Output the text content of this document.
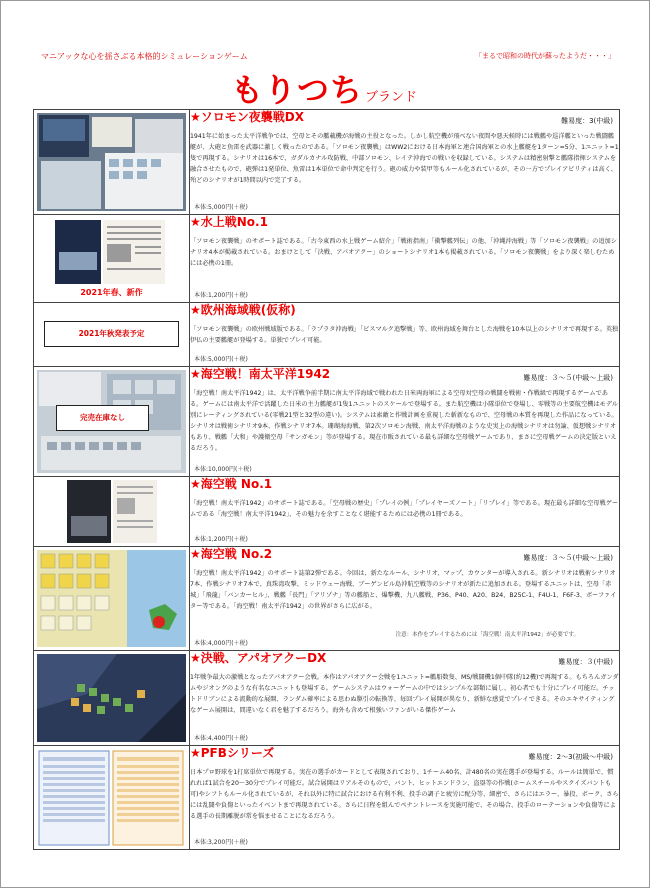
マニアックな心を揺さぶる本格的シミュレーションゲーム	「まるで昭和の時代が蘇ったようだ・・・」
もりつち ブランド

★ソロモン夜襲戦DX 難易度：3(中級)
1941年に始まった太平洋戦争では、空母とその艦載機が海戦の主役となった。しかし航空機が飛べない夜間や悪天候時には戦艦や巡洋艦といった戦闘艦艇が、大砲と魚雷を武器に激しく戦ったのである。「ソロモン夜襲戦」はWW2における日本海軍と連合国海軍との水上艦艇を1ターン=5分、1ユニット=1隻で再現する。シナリオは16本で、ガダルカナル攻防戦、中部ソロモン、レイテ沖海での戦いを収録している。システムは精密射撃と艦隊指揮システムを融合させたもので、砲弾は1発単位、魚雷は1本単位で命中判定を行う。砲の威力や装甲等もルール化されているが、その一方でプレイアビリティは高く、殆どのシナリオが1時間以内で完了する。
本体:5,000円(＋税)

2021年春、新作	★水上戦No.1
「ソロモン夜襲戦」のサポート誌である。「古今東西の水上戦ゲーム紹介」「戦術指南」「衝撃艦列伝」の他、「沖縄沖海戦」等「ソロモン夜襲戦」の追加シナリオ4本が掲載されている。おまけとして「決戦、アパオアクー」のショートシナリオ1本も掲載されている。「ソロモン夜襲戦」をより深く楽しむためには必携の1冊。
本体:1,200円(＋税)

2021年秋発表予定	★欧州海域戦(仮称)
「ソロモン夜襲戦」の欧州戦域版である。「ラプラタ沖海戦」「ビスマルク追撃戦」等、欧州海域を舞台とした海戦を10本以上のシナリオで再現する。英独伊仏の主要艦艇が登場する。単独でプレイ可能。
本体:5,000円(＋税)

完売在庫なし	★海空戦！南太平洋1942 難易度：３～５(中級～上級)
「海空戦！南太平洋1942」は、太平洋戦争前半期に南太平洋海域で戦われた日米両海軍による空母対空母の戦闘を戦術・作戦級で再現するゲームである。ゲームには南太平洋で活躍した日米の主力艦艇が1隻1ユニットのスケールで登場する。また航空機は小隊単位で登場し、零戦等の主要航空機はモデル別にレーティングされている(零戦21型と32型の違い)。システムは索敵と作戦計画を重視した斬新なもので、空母戦の本質を再現した作品になっている。シナリオは戦術シナリオ9本、作戦シナリオ7本。珊瑚海海戦、第2次ソロモン海戦、南太平洋海戦のような史実上の海戦シナリオは勿論、仮想戦シナリオもあり、戦艦「大和」や護衛空母「サンガモン」等が登場する。現在市販されている最も詳細な空母戦ゲームであり、まさに空母戦ゲームの決定版といえるだろう。
本体:10,000円(＋税)

★海空戦 No.1
「海空戦！南太平洋1942」のサポート誌である。「空母戦の歴史」「プレイの例」「プレイヤーズノート」「リプレイ」等である。現在最も詳細な空母戦ゲームである「海空戦！南太平洋1942」、その魅力を余すことなく堪能するためには必携の1冊である。
本体:1,200円(＋税)

★海空戦 No.2 難易度：３～５(中級～上級)
「海空戦！南太平洋1942」のサポート誌第2弾である。今回は、新たなルール、シナリオ、マップ、カウンターが導入される。新シナリオは戦術シナリオ7本、作戦シナリオ7本で、真珠湾攻撃、ミッドウェー海戦、ブーゲンビル島沖航空戦等のシナリオが新たに追加される。登場するユニットは、空母「赤城」「飛龍」「バンカーヒル」、戦艦「長門」「アリゾナ」等の艦船と、爆撃機、九八艦戦、P36、P40、A20、B24、B25C-1、F4U-1、F6F-3、ボーファイター等である。「海空戦！南太平洋1942」の世界がさらに広がる。
注意：本作をプレイするためには「海空戦！南太平洋1942」が必要です。
本体:4,000円(＋税)

★決戦、アパオアクーDX 難易度：３(中級)
1年戦争最大の激戦となったアパオアクー会戦。本作はアパオアクー会戦を1ユニット=艦船数隻、MS/戦闘機1個中隊(約12機)で再現する。もちろんガンダムやジオングのような有名なユニットも登場する。ゲームシステムはウォーゲームの中ではシンプルな部類に属し、初心者でも十分にプレイ可能だ。チットドリブンによる流動的な展開、ランダム確率による思わぬ駆引の転換等、毎回プレイ展開が異なり、新鮮な感覚でプレイできる。そのエキサイティングなゲーム展開は、間違いなく君を魅了するだろう。海外も含めて根強いファンがいる傑作ゲーム
本体:4,400円(＋税)

★PFBシリーズ 難易度：2～3(初級～中級)
日本プロ野球を1打席単位で再現する。実在の選手がカードとして表現されており、1チーム40名、計480名の実在選手が登場する。ルールは簡単で、慣れれば1試合を20～30分でプレイ可能だ。試合展開はリアルそのもので、バント、ヒットエンドラン、盗塁等の作戦(ホームスチールやスクイズバントも可)やシフトもルール化されているが、それ以外に特に試合における有利不利、投手の調子と疲労に配分等、細密で、さらにはエラー、暴投、ボーク、さらには乱闘や負傷といったイベントまで再現されている。さらに日程を組んでペナントレースを実施可能で、その場合、投手のローテーションや負傷等による選手の長期離脱が常を悩ませることになるだろう。
本体:3,200円(＋税)
